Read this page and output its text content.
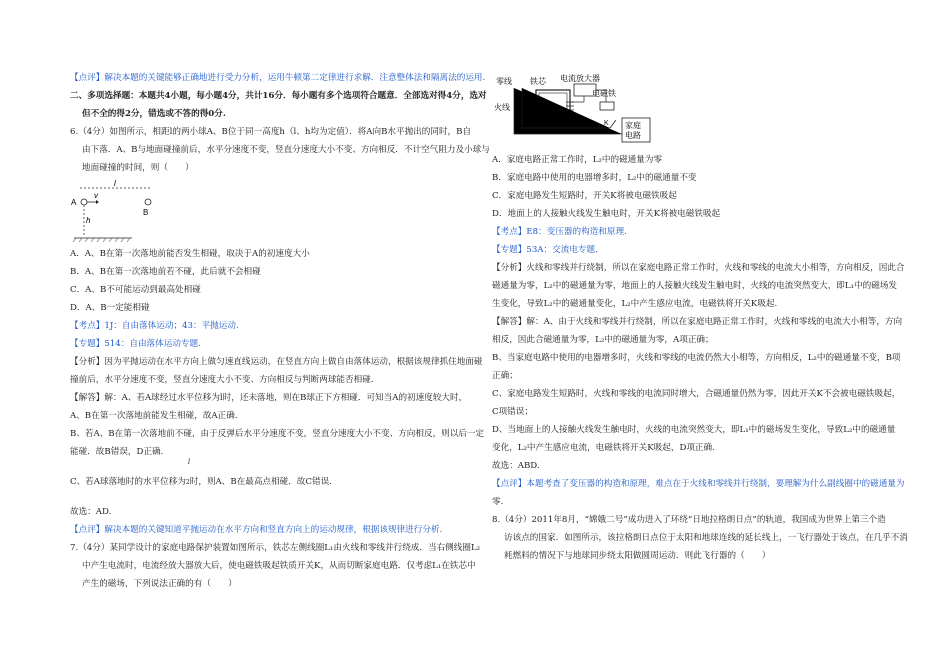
【点评】解决本题的关键能够正确地进行受力分析，运用牛顿第二定律进行求解．注意整体法和隔离法的运用.
二、多项选择题：本题共4小题，每小题4分，共计16分．每小题有多个选项符合题意．全部选对得4分，选对
但不全的得2分，错选或不答的得0分.
6.（4分）如图所示，相距l的两小球A、B位于同一高度h（l、h均为定值）．将A向B水平抛出的同时，B自
由下落．A、B与地面碰撞前后，水平分速度不变，竖直分速度大小不变、方向相反．不计空气阻力及小球与
地面碰撞的时间，则（　　）
l
v
A
B
h
A．A、B在第一次落地前能否发生相碰，取决于A的初速度大小
B．A、B在第一次落地前若不碰，此后就不会相碰
C．A、B不可能运动到最高处相碰
D．A、B一定能相碰
【考点】1J：自由落体运动；43：平抛运动.
【专题】514：自由落体运动专题.
【分析】因为平抛运动在水平方向上做匀速直线运动，在竖直方向上做自由落体运动，根据该规律抓住地面碰
撞前后，水平分速度不变，竖直分速度大小不变、方向相反与判断两球能否相碰.
【解答】解：A、若A球经过水平位移为l时，还未落地，则在B球正下方相碰．可知当A的初速度较大时，
A、B在第一次落地前能发生相碰，故A正确.
B、若A、B在第一次落地前不碰，由于反弹后水平分速度不变，竖直分速度大小不变、方向相反，则以后一定
能碰．故B错误，D正确.
l
C、若A球落地时的水平位移为2时，则A、B在最高点相碰．故C错误.
故选：AD.
【点评】解决本题的关键知道平抛运动在水平方向和竖直方向上的运动规律，根据该规律进行分析.
7.（4分）某同学设计的家庭电路保护装置如图所示，铁芯左侧线圈L₁由火线和零线并行绕成．当右侧线圈L₂
中产生电流时，电流经放大器放大后，使电磁铁吸起铁质开关K，从而切断家庭电路．仅考虑L₁在铁芯中
产生的磁场，下列说法正确的有（　　）
零线 铁芯 电流放大器
电磁铁
火线
K 家庭
电路
A．家庭电路正常工作时，L₂中的磁通量为零
B．家庭电路中使用的电器增多时，L₂中的磁通量不变
C．家庭电路发生短路时，开关K将被电磁铁吸起
D．地面上的人接触火线发生触电时，开关K将被电磁铁吸起
【考点】E8：变压器的构造和原理.
【专题】53A：交流电专题.
【分析】火线和零线并行绕制，所以在家庭电路正常工作时，火线和零线的电流大小相等，方向相反，因此合
磁通量为零，L₂中的磁通量为零，地面上的人接触火线发生触电时，火线的电流突然变大，即L₁中的磁场发
生变化，导致L₂中的磁通量变化，L₂中产生感应电流，电磁铁将开关K吸起.
【解答】解：A、由于火线和零线并行绕制，所以在家庭电路正常工作时，火线和零线的电流大小相等，方向
相反，因此合磁通量为零，L₂中的磁通量为零，A项正确；
B、当家庭电路中使用的电器增多时，火线和零线的电流仍然大小相等，方向相反，L₂中的磁通量不变，B项
正确；
C、家庭电路发生短路时，火线和零线的电流同时增大，合磁通量仍然为零，因此开关K不会被电磁铁吸起，
C项错误；
D、当地面上的人接触火线发生触电时，火线的电流突然变大，即L₁中的磁场发生变化，导致L₂中的磁通量
变化，L₂中产生感应电流，电磁铁将开关K吸起，D项正确.
故选：ABD.
【点评】本题考查了变压器的构造和原理，难点在于火线和零线并行绕制，要理解为什么副线圈中的磁通量为
零.
8.（4分）2011年8月，“嫦娥二号”成功进入了环绕“日地拉格朗日点”的轨道，我国成为世界上第三个造
访该点的国家．如图所示，该拉格朗日点位于太阳和地球连线的延长线上，一飞行器处于该点，在几乎不消
耗燃料的情况下与地球同步绕太阳做圆周运动．则此飞行器的（　　）
